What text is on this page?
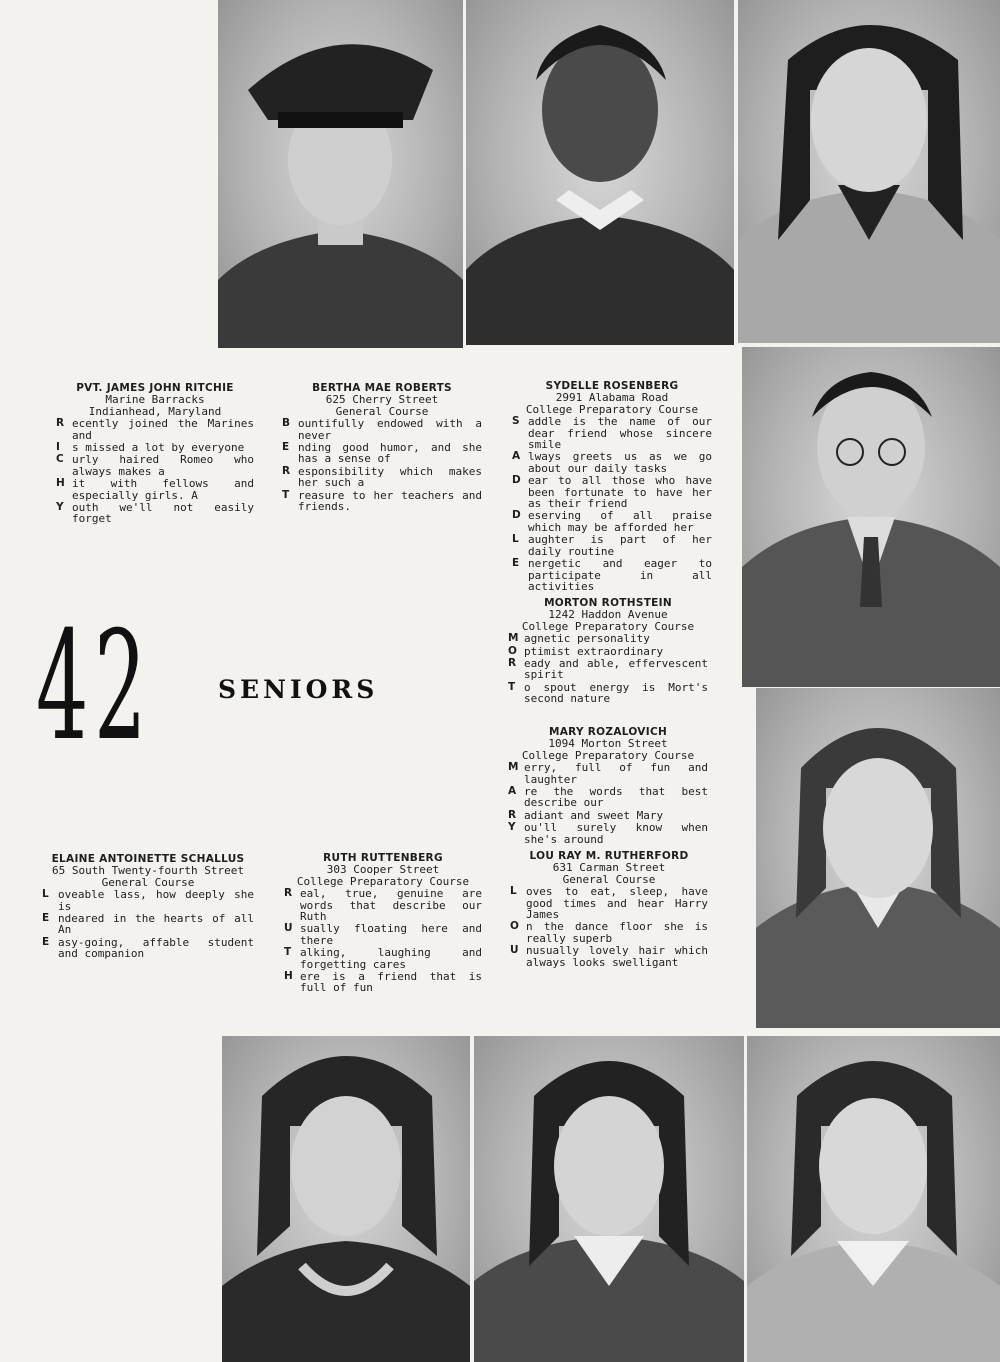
42	SENIORS
PVT. JAMES JOHN RITCHIE
Marine Barracks
Indianhead, Maryland
R ecently joined the Marines and
I	s missed a lot by everyone
C urly haired Romeo who always makes a
H it with fellows and especially girls. A
Y outh we'll not easily forget
BERTHA MAE ROBERTS
625 Cherry Street
General Course
B ountifully endowed with a never
E nding good humor, and she has a sense of
R esponsibility which makes her such a
T reasure to her teachers and friends.
SYDELLE ROSENBERG
2991 Alabama Road
College Preparatory Course
S addle is the name of our dear friend whose sincere smile
A lways greets us as we go about our daily tasks
D ear to all those who have been fortunate to have her as their friend
D eserving of all praise which may be afforded her
L aughter is part of her daily routine
E nergetic and eager to participate in all activities
MORTON ROTHSTEIN
1242 Haddon Avenue
College Preparatory Course
M agnetic personality
O ptimist extraordinary
R eady and able, effervescent spirit
T o spout energy is Mort's second nature
MARY ROZALOVICH
1094 Morton Street
College Preparatory Course
M erry, full of fun and laughter
A re the words that best describe our
R adiant and sweet Mary
Y ou'll surely know when she's around
ELAINE ANTOINETTE SCHALLUS
65 South Twenty-fourth Street
General Course
L oveable lass, how deeply she is
E ndeared in the hearts of all An
E asy-going, affable student and companion
RUTH RUTTENBERG
303 Cooper Street
College Preparatory Course
R eal, true, genuine are words that describe our Ruth
U sually floating here and there
T alking, laughing and forgetting cares
H ere is a friend that is full of fun
LOU RAY M. RUTHERFORD
631 Carman Street
General Course
L oves to eat, sleep, have good times and hear Harry James
O n the dance floor she is really superb
U nusually lovely hair which always looks swelligant
